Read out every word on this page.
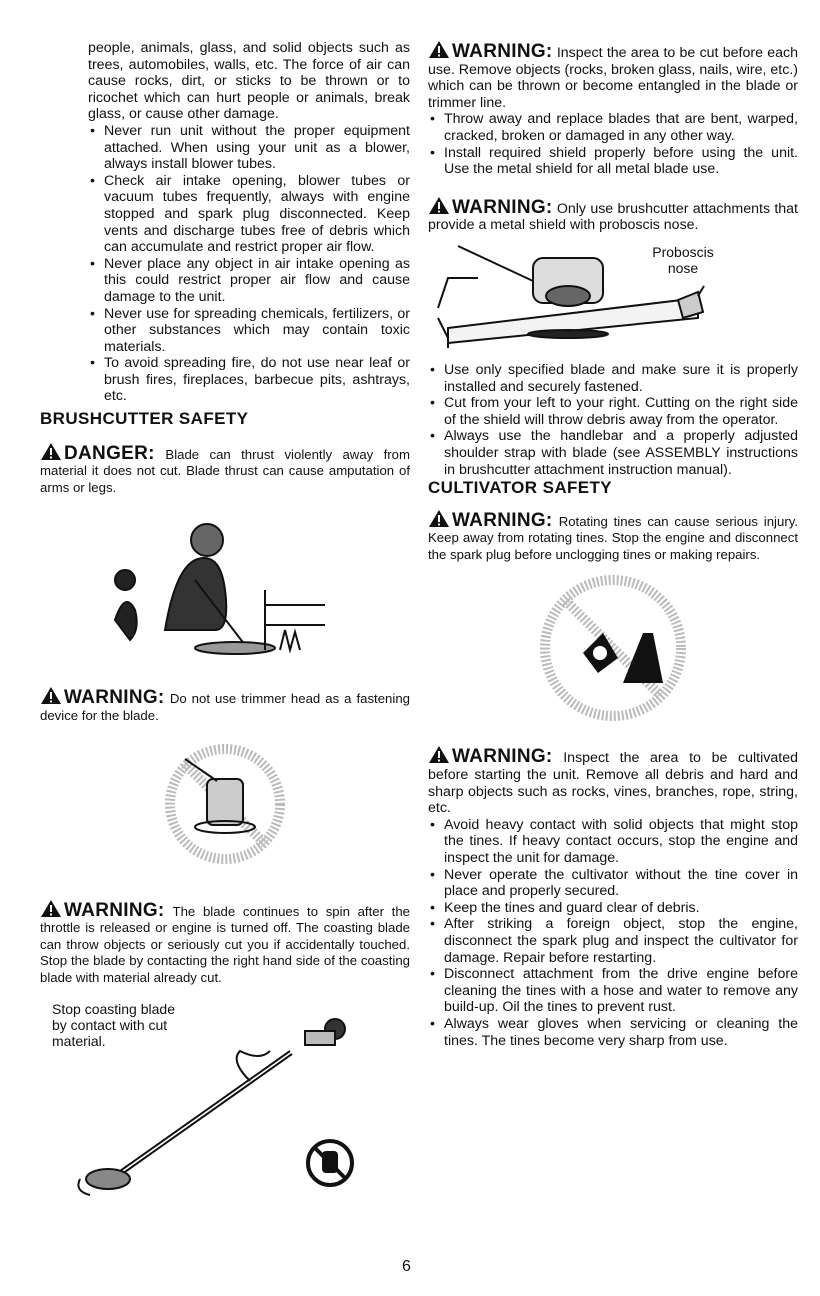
people, animals, glass, and solid objects such as trees, automobiles, walls, etc. The force of air can cause rocks, dirt, or sticks to be thrown or to ricochet which can hurt people or animals, break glass, or cause other damage.

• Never run unit without the proper equipment attached. When using your unit as a blower, always install blower tubes.
• Check air intake opening, blower tubes or vacuum tubes frequently, always with engine stopped and spark plug disconnected. Keep vents and discharge tubes free of debris which can accumulate and restrict proper air flow.
• Never place any object in air intake opening as this could restrict proper air flow and cause damage to the unit.
• Never use for spreading chemicals, fertilizers, or other substances which may contain toxic materials.
• To avoid spreading fire, do not use near leaf or brush fires, fireplaces, barbecue pits, ashtrays, etc.
BRUSHCUTTER SAFETY

DANGER: Blade can thrust violently away from material it does not cut. Blade thrust can cause amputation of arms or legs.

WARNING: Do not use trimmer head as a fastening device for the blade.

WARNING: The blade continues to spin after the throttle is released or engine is turned off. The coasting blade can throw objects or seriously cut you if accidentally touched. Stop the blade by contacting the right hand side of the coasting blade with material already cut.

Stop coasting blade by contact with cut material.

WARNING: Inspect the area to be cut before each use. Remove objects (rocks, broken glass, nails, wire, etc.) which can be thrown or become entangled in the blade or trimmer line.

• Throw away and replace blades that are bent, warped, cracked, broken or damaged in any other way.
• Install required shield properly before using the unit. Use the metal shield for all metal blade use.

WARNING: Only use brushcutter attachments that provide a metal shield with proboscis nose.

Proboscis nose
• Use only specified blade and make sure it is properly installed and securely fastened.
• Cut from your left to your right. Cutting on the right side of the shield will throw debris away from the operator.
• Always use the handlebar and a properly adjusted shoulder strap with blade (see ASSEMBLY instructions in brushcutter attachment instruction manual).
CULTIVATOR SAFETY

WARNING: Rotating tines can cause serious injury. Keep away from rotating tines. Stop the engine and disconnect the spark plug before unclogging tines or making repairs.

WARNING: Inspect the area to be cultivated before starting the unit. Remove all debris and hard and sharp objects such as rocks, vines, branches, rope, string, etc.

• Avoid heavy contact with solid objects that might stop the tines. If heavy contact occurs, stop the engine and inspect the unit for damage.
• Never operate the cultivator without the tine cover in place and properly secured.
• Keep the tines and guard clear of debris.
• After striking a foreign object, stop the engine, disconnect the spark plug and inspect the cultivator for damage. Repair before restarting.
• Disconnect attachment from the drive engine before cleaning the tines with a hose and water to remove any build-up. Oil the tines to prevent rust.
• Always wear gloves when servicing or cleaning the tines. The tines become very sharp from use.
6
